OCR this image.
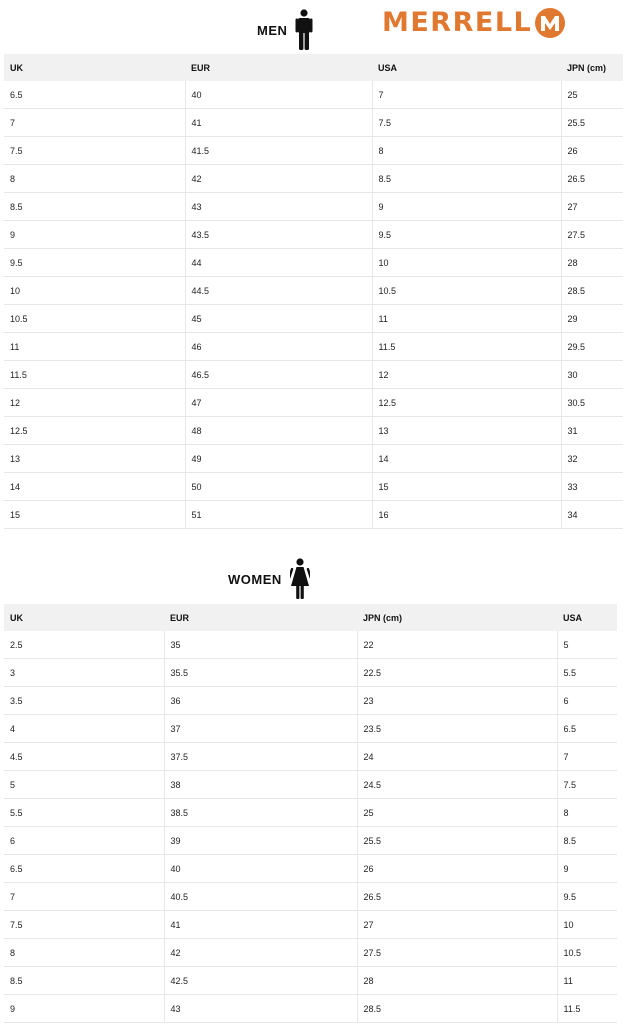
MERRELL
MEN
UK	EUR	USA	JPN (cm)
6.5	40	7	25
7	41	7.5	25.5
7.5	41.5	8	26
8	42	8.5	26.5
8.5	43	9	27
9	43.5	9.5	27.5
9.5	44	10	28
10	44.5	10.5	28.5
10.5	45	11	29
11	46	11.5	29.5
11.5	46.5	12	30
12	47	12.5	30.5
12.5	48	13	31
13	49	14	32
14	50	15	33
15	51	16	34
WOMEN
UK	EUR	JPN (cm)	USA
2.5	35	22	5
3	35.5	22.5	5.5
3.5	36	23	6
4	37	23.5	6.5
4.5	37.5	24	7
5	38	24.5	7.5
5.5	38.5	25	8
6	39	25.5	8.5
6.5	40	26	9
7	40.5	26.5	9.5
7.5	41	27	10
8	42	27.5	10.5
8.5	42.5	28	11
9	43	28.5	11.5
